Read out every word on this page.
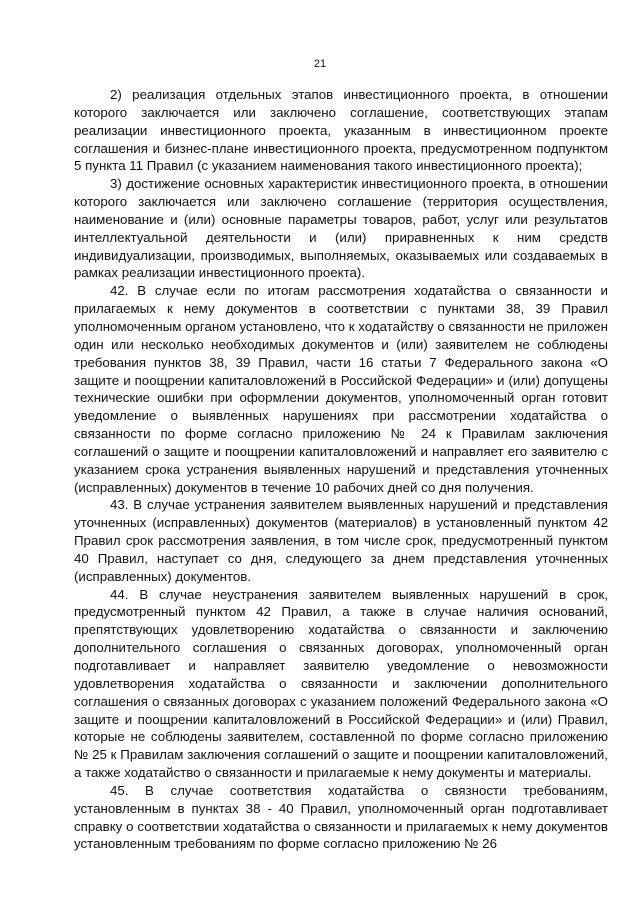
21

2) реализация отдельных этапов инвестиционного проекта, в отношении которого заключается или заключено соглашение, соответствующих этапам реализации инвестиционного проекта, указанным в инвестиционном проекте соглашения и бизнес-плане инвестиционного проекта, предусмотренном подпунктом 5 пункта 11 Правил (с указанием наименования такого инвестиционного проекта);

3) достижение основных характеристик инвестиционного проекта, в отношении которого заключается или заключено соглашение (территория осуществления, наименование и (или) основные параметры товаров, работ, услуг или результатов интеллектуальной деятельности и (или) приравненных к ним средств индивидуализации, производимых, выполняемых, оказываемых или создаваемых в рамках реализации инвестиционного проекта).

42. В случае если по итогам рассмотрения ходатайства о связанности и прилагаемых к нему документов в соответствии с пунктами 38, 39 Правил уполномоченным органом установлено, что к ходатайству о связанности не приложен один или несколько необходимых документов и (или) заявителем не соблюдены требования пунктов 38, 39 Правил, части 16 статьи 7 Федерального закона «О защите и поощрении капиталовложений в Российской Федерации» и (или) допущены технические ошибки при оформлении документов, уполномоченный орган готовит уведомление о выявленных нарушениях при рассмотрении ходатайства о связанности по форме согласно приложению № 24 к Правилам заключения соглашений о защите и поощрении капиталовложений и направляет его заявителю с указанием срока устранения выявленных нарушений и представления уточненных (исправленных) документов в течение 10 рабочих дней со дня получения.

43. В случае устранения заявителем выявленных нарушений и представления уточненных (исправленных) документов (материалов) в установленный пунктом 42 Правил срок рассмотрения заявления, в том числе срок, предусмотренный пунктом 40 Правил, наступает со дня, следующего за днем представления уточненных (исправленных) документов.

44. В случае неустранения заявителем выявленных нарушений в срок, предусмотренный пунктом 42 Правил, а также в случае наличия оснований, препятствующих удовлетворению ходатайства о связанности и заключению дополнительного соглашения о связанных договорах, уполномоченный орган подготавливает и направляет заявителю уведомление о невозможности удовлетворения ходатайства о связанности и заключении дополнительного соглашения о связанных договорах с указанием положений Федерального закона «О защите и поощрении капиталовложений в Российской Федерации» и (или) Правил, которые не соблюдены заявителем, составленной по форме согласно приложению № 25 к Правилам заключения соглашений о защите и поощрении капиталовложений, а также ходатайство о связанности и прилагаемые к нему документы и материалы.

45. В случае соответствия ходатайства о связности требованиям, установленным в пунктах 38 - 40 Правил, уполномоченный орган подготавливает справку о соответствии ходатайства о связанности и прилагаемых к нему документов установленным требованиям по форме согласно приложению № 26
